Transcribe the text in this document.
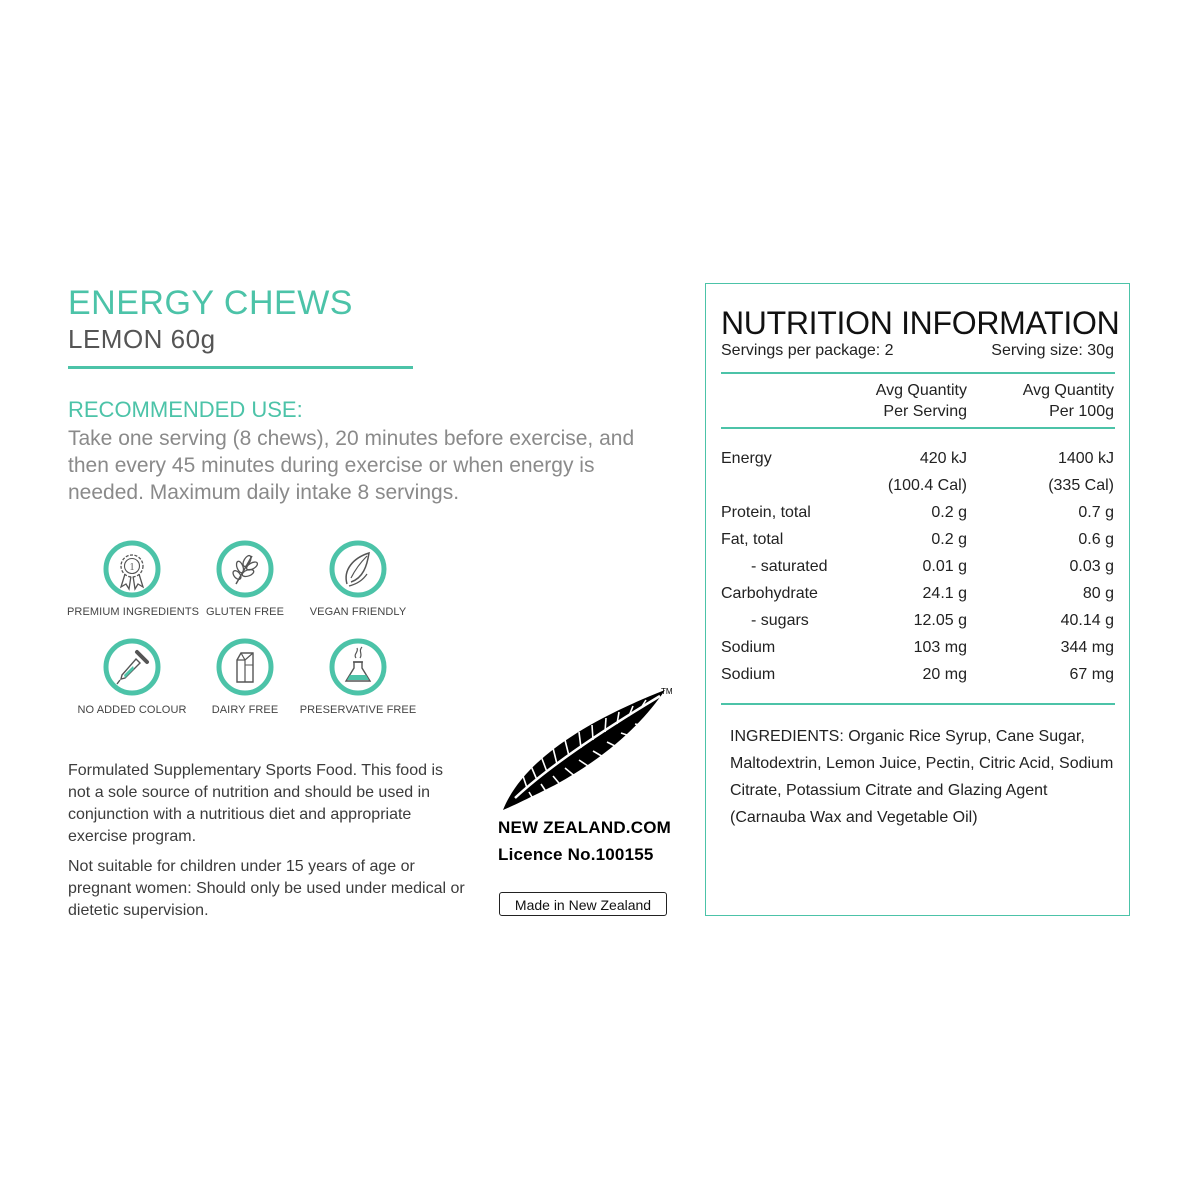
ENERGY CHEWS
LEMON 60g
RECOMMENDED USE:
Take one serving (8 chews), 20 minutes before exercise, and then every 45 minutes during exercise or when energy is needed. Maximum daily intake 8 servings.
1
PREMIUM INGREDIENTS GLUTEN FREE	VEGAN FRIENDLY
NO ADDED COLOUR	DAIRY FREE	PRESERVATIVE FREE

Formulated Supplementary Sports Food. This food is not a sole source of nutrition and should be used in conjunction with a nutritious diet and appropriate exercise program.

Not suitable for children under 15 years of age or pregnant women: Should only be used under medical or dietetic supervision.

TM
NEW ZEALAND.COM
Licence No.100155
Made in New Zealand
NUTRITION INFORMATION
Servings per package: 2	Serving size: 30g
Avg Quantity
Per Serving
Avg Quantity
Per 100g
Energy	420 kJ	1400 kJ
(100.4 Cal)	(335 Cal)
Protein, total	0.2 g	0.7 g
Fat, total	0.2 g	0.6 g
- saturated	0.01 g	0.03 g
Carbohydrate	24.1 g	80 g
- sugars	12.05 g	40.14 g
Sodium	103 mg	344 mg
Sodium	20 mg	67 mg
INGREDIENTS: Organic Rice Syrup, Cane Sugar, Maltodextrin, Lemon Juice, Pectin, Citric Acid, Sodium Citrate, Potassium Citrate and Glazing Agent (Carnauba Wax and Vegetable Oil)
